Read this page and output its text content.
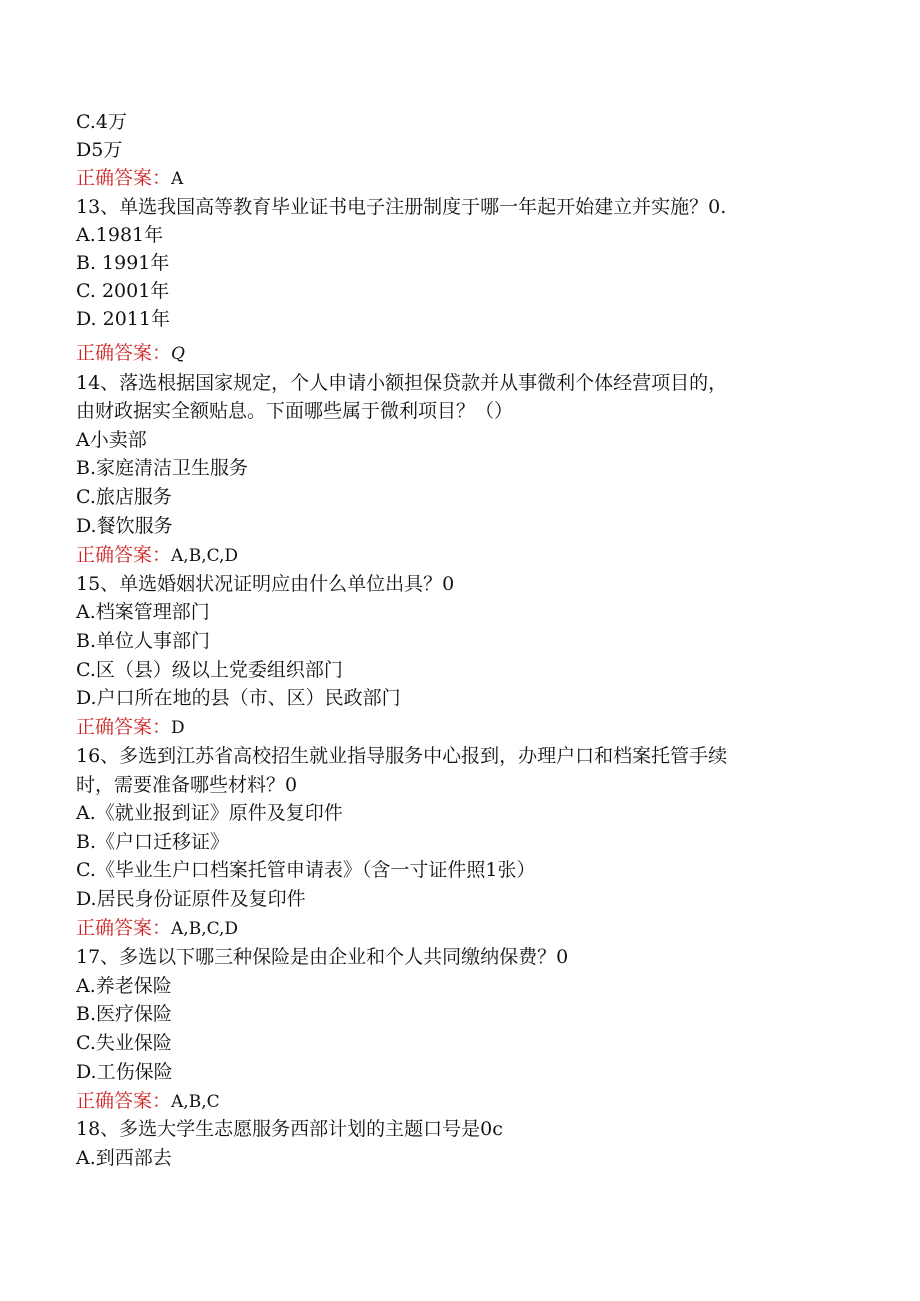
C.4万
D5万
正确答案：A
13、单选我国高等教育毕业证书电子注册制度于哪一年起开始建立并实施？0.
A.1981年
B. 1991年
C. 2001年
D. 2011年
正确答案：Q
14、落选根据国家规定，个人申请小额担保贷款并从事微利个体经营项目的，
由财政据实全额贴息。下面哪些属于微利项目？（）
A小卖部
B.家庭清洁卫生服务
C.旅店服务
D.餐饮服务
正确答案：A,B,C,D
15、单选婚姻状况证明应由什么单位出具？0
A.档案管理部门
B.单位人事部门
C.区（县）级以上党委组织部门
D.户口所在地的县（市、区）民政部门
正确答案：D
16、多选到江苏省高校招生就业指导服务中心报到，办理户口和档案托管手续
时，需要准备哪些材料？0
A.《就业报到证》原件及复印件
B.《户口迁移证》
C.《毕业生户口档案托管申请表》（含一寸证件照1张）
D.居民身份证原件及复印件
正确答案：A,B,C,D
17、多选以下哪三种保险是由企业和个人共同缴纳保费？0
A.养老保险
B.医疗保险
C.失业保险
D.工伤保险
正确答案：A,B,C
18、多选大学生志愿服务西部计划的主题口号是0c
A.到西部去
